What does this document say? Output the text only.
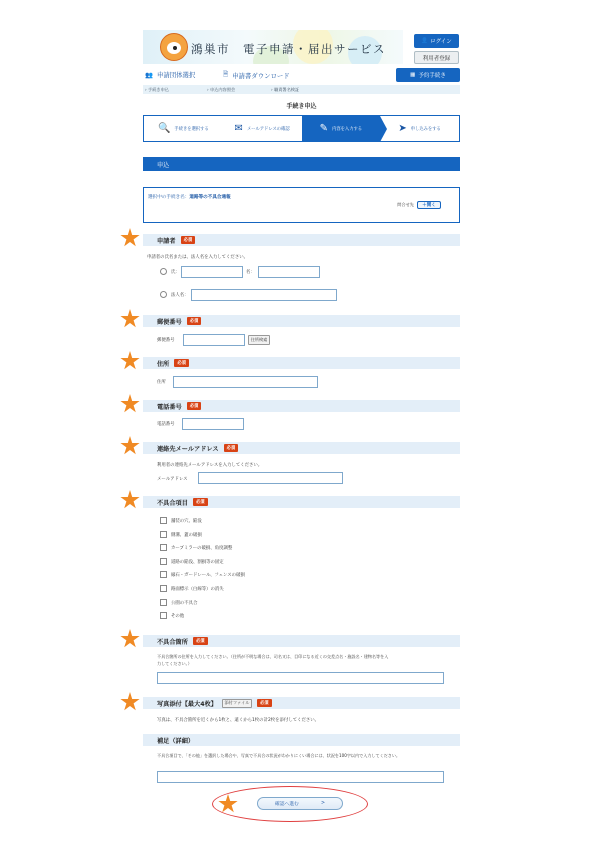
鴻巣市　電子申請・届出サービス
👤 ログイン
利用者登録
👥 申請団体選択	🗎 申請書ダウンロード	▦ 予約手続き
› 手続き申込	› 申込内容照会	› 職責署名検証
手続き申込
🔍 手続きを選択する	✉ メールアドレスの確認	✎ 内容を入力する	➤ 申し込みをする
申込
選択中の手続き名：道路等の不具合通報
問合せ先	＋開く
申請者	必須
申請者の氏名または、法人名を入力してください。
氏：	名：
法人名：
郵便番号	必須
郵便番号	住所検索
住所	必須
住所
電話番号	必須
電話番号
連絡先メールアドレス	必須
利用者の連絡先メールアドレスを入力してください。
メールアドレス
不具合項目	必須
舗装の穴、陥没
側溝、蓋の破損
カーブミラーの破損、角度調整
道路の陥没、割損等の固定
縁石・ガードレール、フェンスの破損
路面標示（白線等）の消失
公園の不具合
その他
不具合箇所	必須
不具合箇所の住所を入力してください。（住所が不明な場合は、司名又は、目印になる近くの交差点名・施設名・建物名等を入
力してください。）
写真添付【最大4枚】	添付ファイル	必須
写真は、不具合箇所を近くから1枚と、遠くから1枚の計2枚を添付してください。
補足（詳細）
不具合項目で、「その他」を選択した場合や、写真で不具合の状況がわかりにくい場合には、状況を100字以内で入力してください。
確認へ進む	>
